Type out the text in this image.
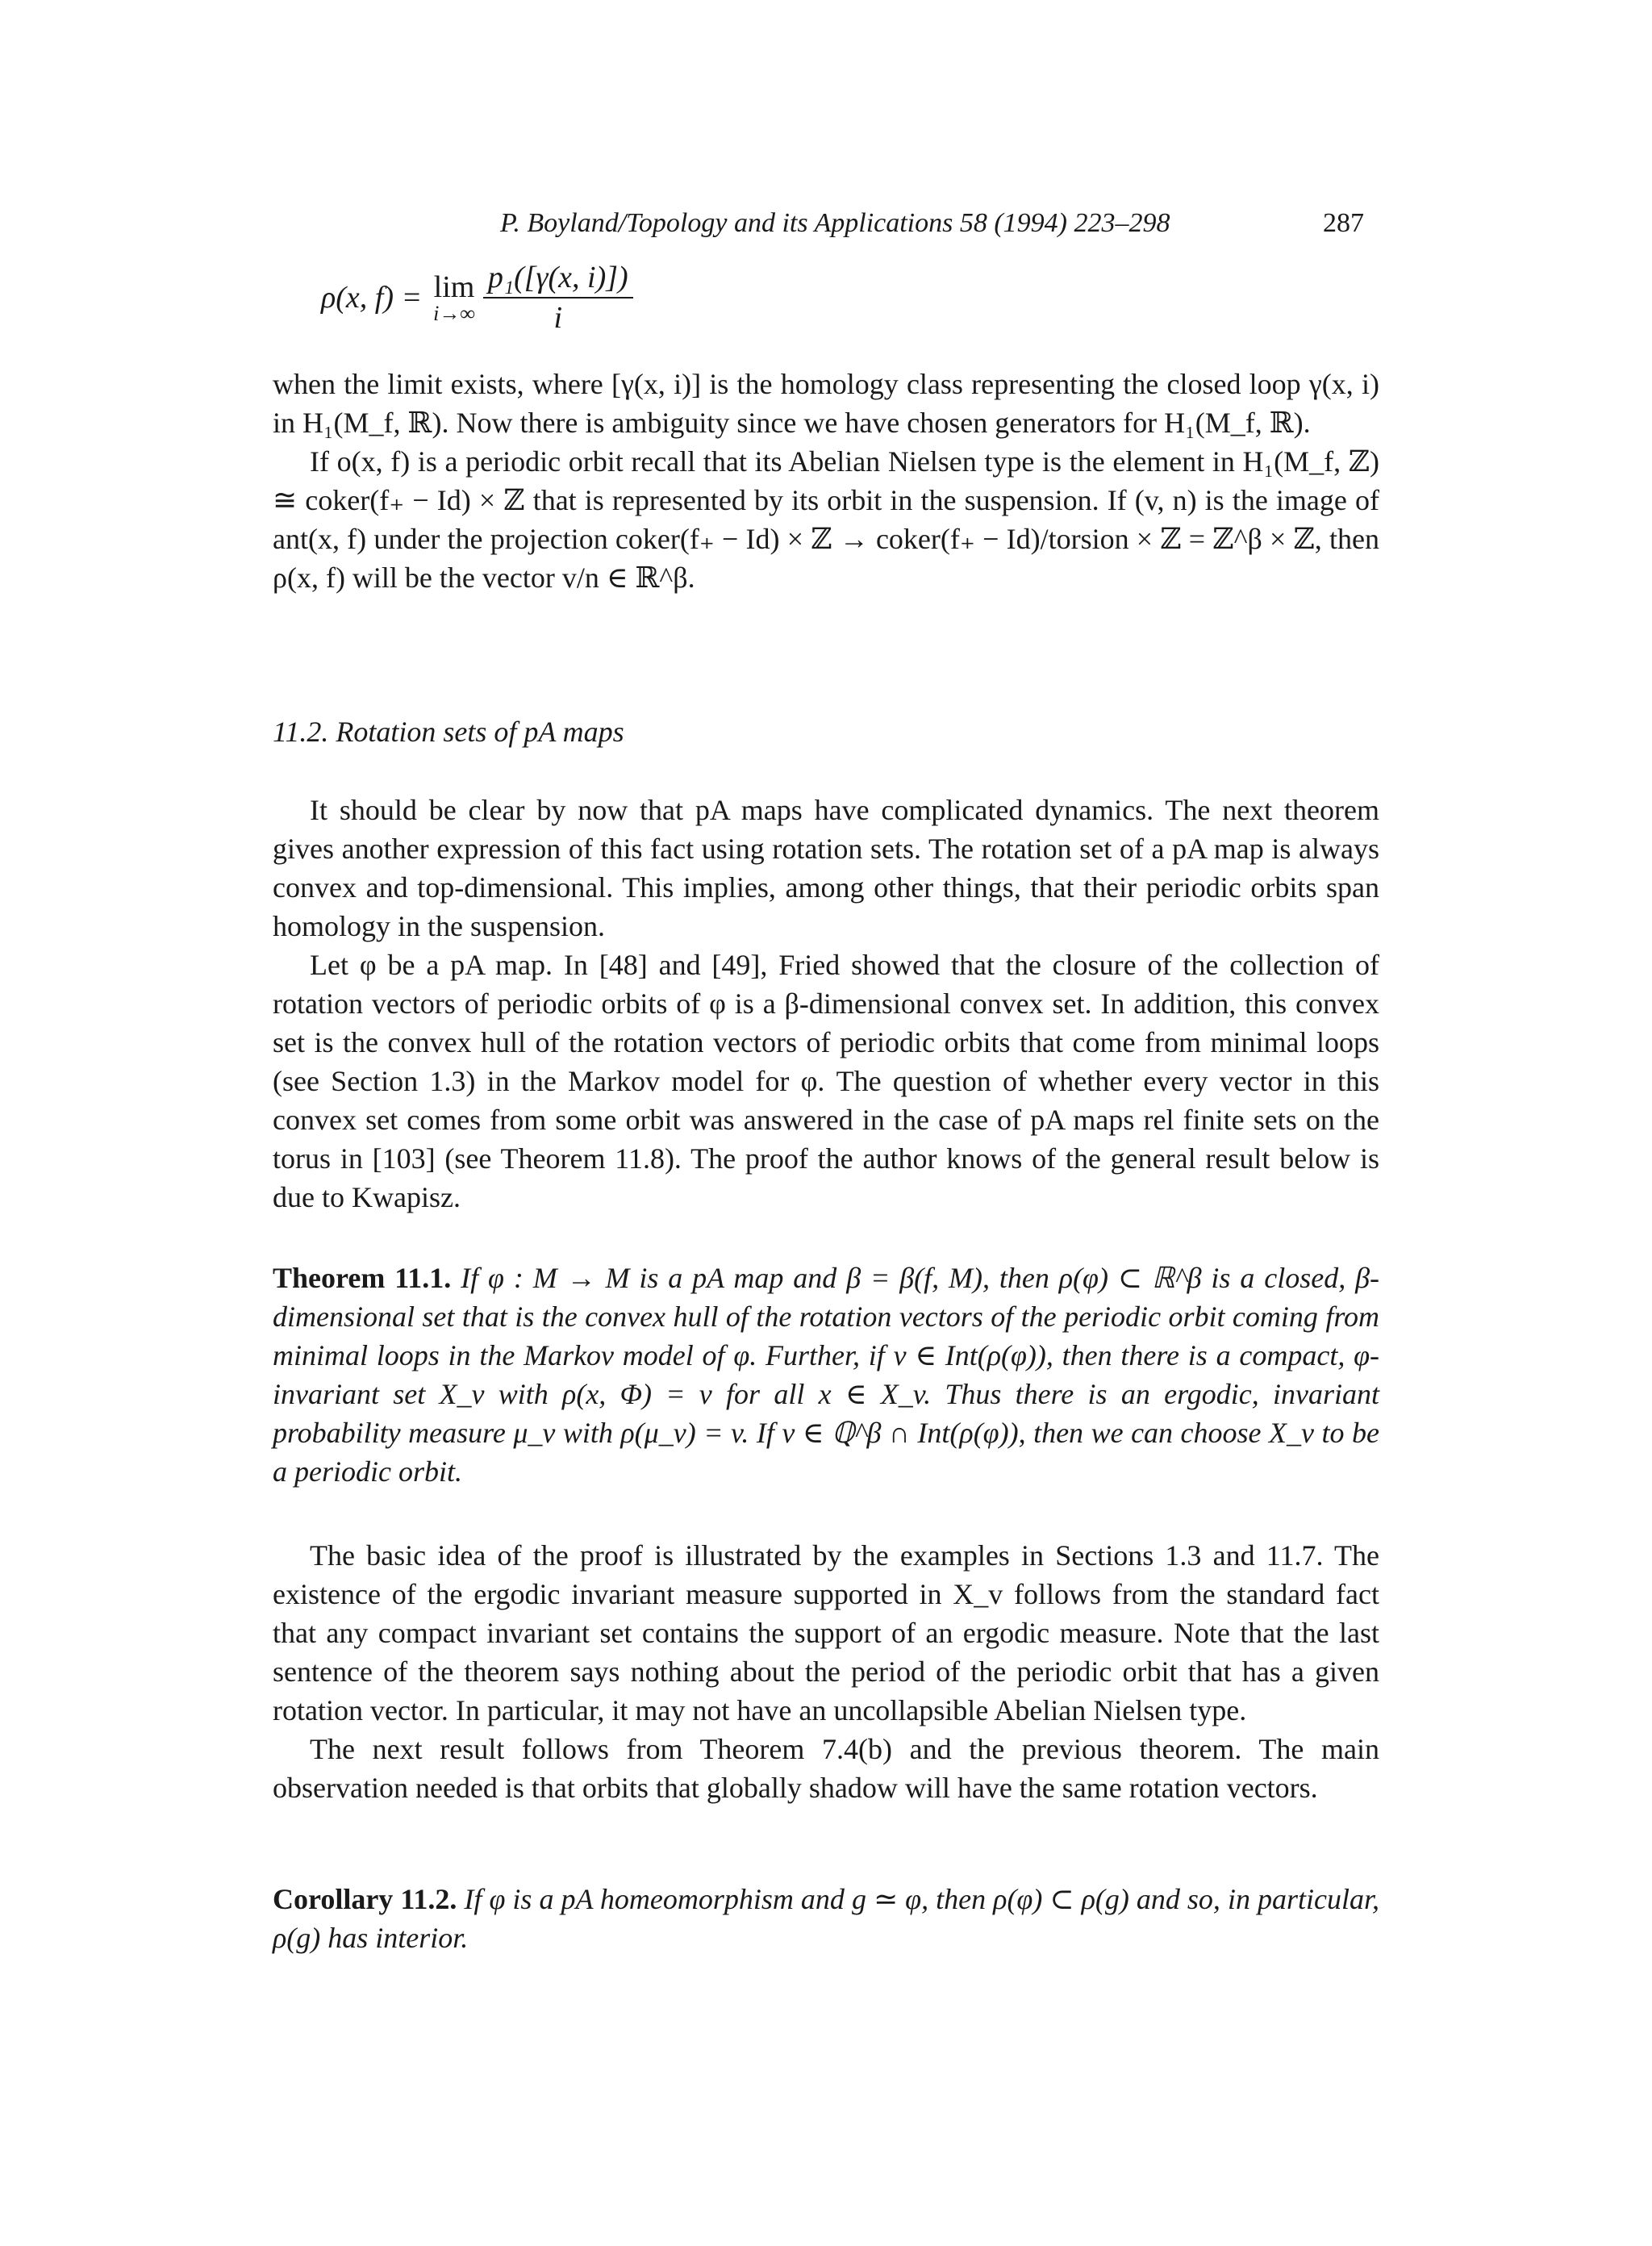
P. Boyland/Topology and its Applications 58 (1994) 223–298	287
ρ(x, f) = lim
$i\to\infty \frac{\text{p₁([γ(x, i)])}}{i}$

when the limit exists, where [γ(x, i)] is the homology class representing the closed loop γ(x, i) in H₁(M_f, ℝ). Now there is ambiguity since we have chosen generators for H₁(M_f, ℝ).

If o(x, f) is a periodic orbit recall that its Abelian Nielsen type is the element in H₁(M_f, ℤ) ≅ coker(f₊ − Id) × ℤ that is represented by its orbit in the suspension. If (v, n) is the image of ant(x, f) under the projection coker(f₊ − Id) × ℤ → coker(f₊ − Id)/torsion × ℤ = ℤ^β × ℤ, then ρ(x, f) will be the vector v/n ∈ ℝ^β.

11.2. Rotation sets of pA maps

It should be clear by now that pA maps have complicated dynamics. The next theorem gives another expression of this fact using rotation sets. The rotation set of a pA map is always convex and top-dimensional. This implies, among other things, that their periodic orbits span homology in the suspension.

Let φ be a pA map. In [48] and [49], Fried showed that the closure of the collection of rotation vectors of periodic orbits of φ is a β-dimensional convex set. In addition, this convex set is the convex hull of the rotation vectors of periodic orbits that come from minimal loops (see Section 1.3) in the Markov model for φ. The question of whether every vector in this convex set comes from some orbit was answered in the case of pA maps rel finite sets on the torus in [103] (see Theorem 11.8). The proof the author knows of the general result below is due to Kwapisz.

Theorem 11.1. If φ : M → M is a pA map and β = β(f, M), then ρ(φ) ⊂ ℝ^β is a closed, β-dimensional set that is the convex hull of the rotation vectors of the periodic orbit coming from minimal loops in the Markov model of φ. Further, if v ∈ Int(ρ(φ)), then there is a compact, φ-invariant set X_v with ρ(x, Φ) = v for all x ∈ X_v. Thus there is an ergodic, invariant probability measure μ_v with ρ(μ_v) = v. If v ∈ ℚ^β ∩ Int(ρ(φ)), then we can choose X_v to be a periodic orbit.

The basic idea of the proof is illustrated by the examples in Sections 1.3 and 11.7. The existence of the ergodic invariant measure supported in X_v follows from the standard fact that any compact invariant set contains the support of an ergodic measure. Note that the last sentence of the theorem says nothing about the period of the periodic orbit that has a given rotation vector. In particular, it may not have an uncollapsible Abelian Nielsen type.

The next result follows from Theorem 7.4(b) and the previous theorem. The main observation needed is that orbits that globally shadow will have the same rotation vectors.

Corollary 11.2. If φ is a pA homeomorphism and g ≃ φ, then ρ(φ) ⊂ ρ(g) and so, in particular, ρ(g) has interior.
